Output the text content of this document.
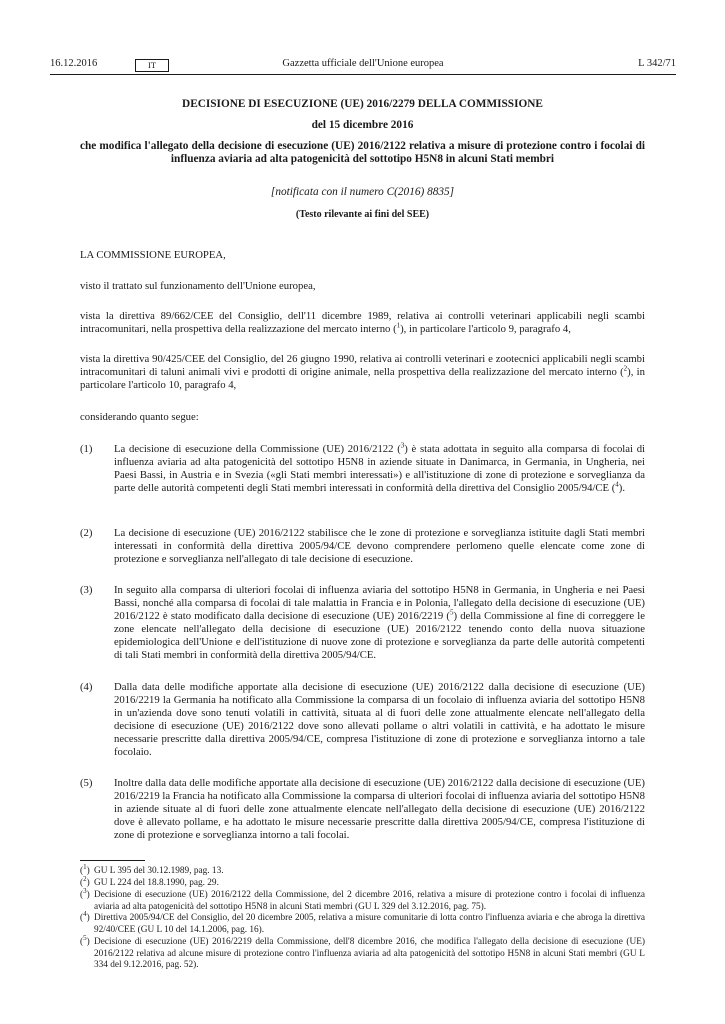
16.12.2016	IT	Gazzetta ufficiale dell'Unione europea	L 342/71
DECISIONE DI ESECUZIONE (UE) 2016/2279 DELLA COMMISSIONE
del 15 dicembre 2016
che modifica l'allegato della decisione di esecuzione (UE) 2016/2122 relativa a misure di protezione contro i focolai di influenza aviaria ad alta patogenicità del sottotipo H5N8 in alcuni Stati membri
[notificata con il numero C(2016) 8835]
(Testo rilevante ai fini del SEE)
LA COMMISSIONE EUROPEA,
visto il trattato sul funzionamento dell'Unione europea,
vista la direttiva 89/662/CEE del Consiglio, dell'11 dicembre 1989, relativa ai controlli veterinari applicabili negli scambi intracomunitari, nella prospettiva della realizzazione del mercato interno ($^1$), in particolare l'articolo 9, paragrafo 4,
vista la direttiva 90/425/CEE del Consiglio, del 26 giugno 1990, relativa ai controlli veterinari e zootecnici applicabili negli scambi intracomunitari di taluni animali vivi e prodotti di origine animale, nella prospettiva della realizzazione del mercato interno ($^2$), in particolare l'articolo 10, paragrafo 4,
considerando quanto segue:
(1) La decisione di esecuzione della Commissione (UE) 2016/2122 ($^3$) è stata adottata in seguito alla comparsa di focolai di influenza aviaria ad alta patogenicità del sottotipo H5N8 in aziende situate in Danimarca, in Germania, in Ungheria, nei Paesi Bassi, in Austria e in Svezia («gli Stati membri interessati») e all'istituzione di zone di protezione e sorveglianza da parte delle autorità competenti degli Stati membri interessati in conformità della direttiva del Consiglio 2005/94/CE ($^4$).
(2) La decisione di esecuzione (UE) 2016/2122 stabilisce che le zone di protezione e sorveglianza istituite dagli Stati membri interessati in conformità della direttiva 2005/94/CE devono comprendere perlomeno quelle elencate come zone di protezione e sorveglianza nell'allegato di tale decisione di esecuzione.
(3) In seguito alla comparsa di ulteriori focolai di influenza aviaria del sottotipo H5N8 in Germania, in Ungheria e nei Paesi Bassi, nonché alla comparsa di focolai di tale malattia in Francia e in Polonia, l'allegato della decisione di esecuzione (UE) 2016/2122 è stato modificato dalla decisione di esecuzione (UE) 2016/2219 ($^5$) della Commissione al fine di correggere le zone elencate nell'allegato della decisione di esecuzione (UE) 2016/2122 tenendo conto della nuova situazione epidemiologica dell'Unione e dell'istituzione di nuove zone di protezione e sorveglianza da parte delle autorità competenti di tali Stati membri in conformità della direttiva 2005/94/CE.
(4) Dalla data delle modifiche apportate alla decisione di esecuzione (UE) 2016/2122 dalla decisione di esecuzione (UE) 2016/2219 la Germania ha notificato alla Commissione la comparsa di un focolaio di influenza aviaria del sottotipo H5N8 in un'azienda dove sono tenuti volatili in cattività, situata al di fuori delle zone attualmente elencate nell'allegato della decisione di esecuzione (UE) 2016/2122 dove sono allevati pollame o altri volatili in cattività, e ha adottato le misure necessarie prescritte dalla direttiva 2005/94/CE, compresa l'istituzione di zone di protezione e sorveglianza intorno a tale focolaio.
(5) Inoltre dalla data delle modifiche apportate alla decisione di esecuzione (UE) 2016/2122 dalla decisione di esecuzione (UE) 2016/2219 la Francia ha notificato alla Commissione la comparsa di ulteriori focolai di influenza aviaria del sottotipo H5N8 in aziende situate al di fuori delle zone attualmente elencate nell'allegato della decisione di esecuzione (UE) 2016/2122 dove è allevato pollame, e ha adottato le misure necessarie prescritte dalla direttiva 2005/94/CE, compresa l'istituzione di zone di protezione e sorveglianza intorno a tali focolai.
($^1$) GU L 395 del 30.12.1989, pag. 13.
($^2$) GU L 224 del 18.8.1990, pag. 29.
($^3$) Decisione di esecuzione (UE) 2016/2122 della Commissione, del 2 dicembre 2016, relativa a misure di protezione contro i focolai di influenza aviaria ad alta patogenicità del sottotipo H5N8 in alcuni Stati membri (GU L 329 del 3.12.2016, pag. 75).
($^4$) Direttiva 2005/94/CE del Consiglio, del 20 dicembre 2005, relativa a misure comunitarie di lotta contro l'influenza aviaria e che abroga la direttiva 92/40/CEE (GU L 10 del 14.1.2006, pag. 16).
($^5$) Decisione di esecuzione (UE) 2016/2219 della Commissione, dell'8 dicembre 2016, che modifica l'allegato della decisione di esecuzione (UE) 2016/2122 relativa ad alcune misure di protezione contro l'influenza aviaria ad alta patogenicità del sottotipo H5N8 in alcuni Stati membri (GU L 334 del 9.12.2016, pag. 52).
